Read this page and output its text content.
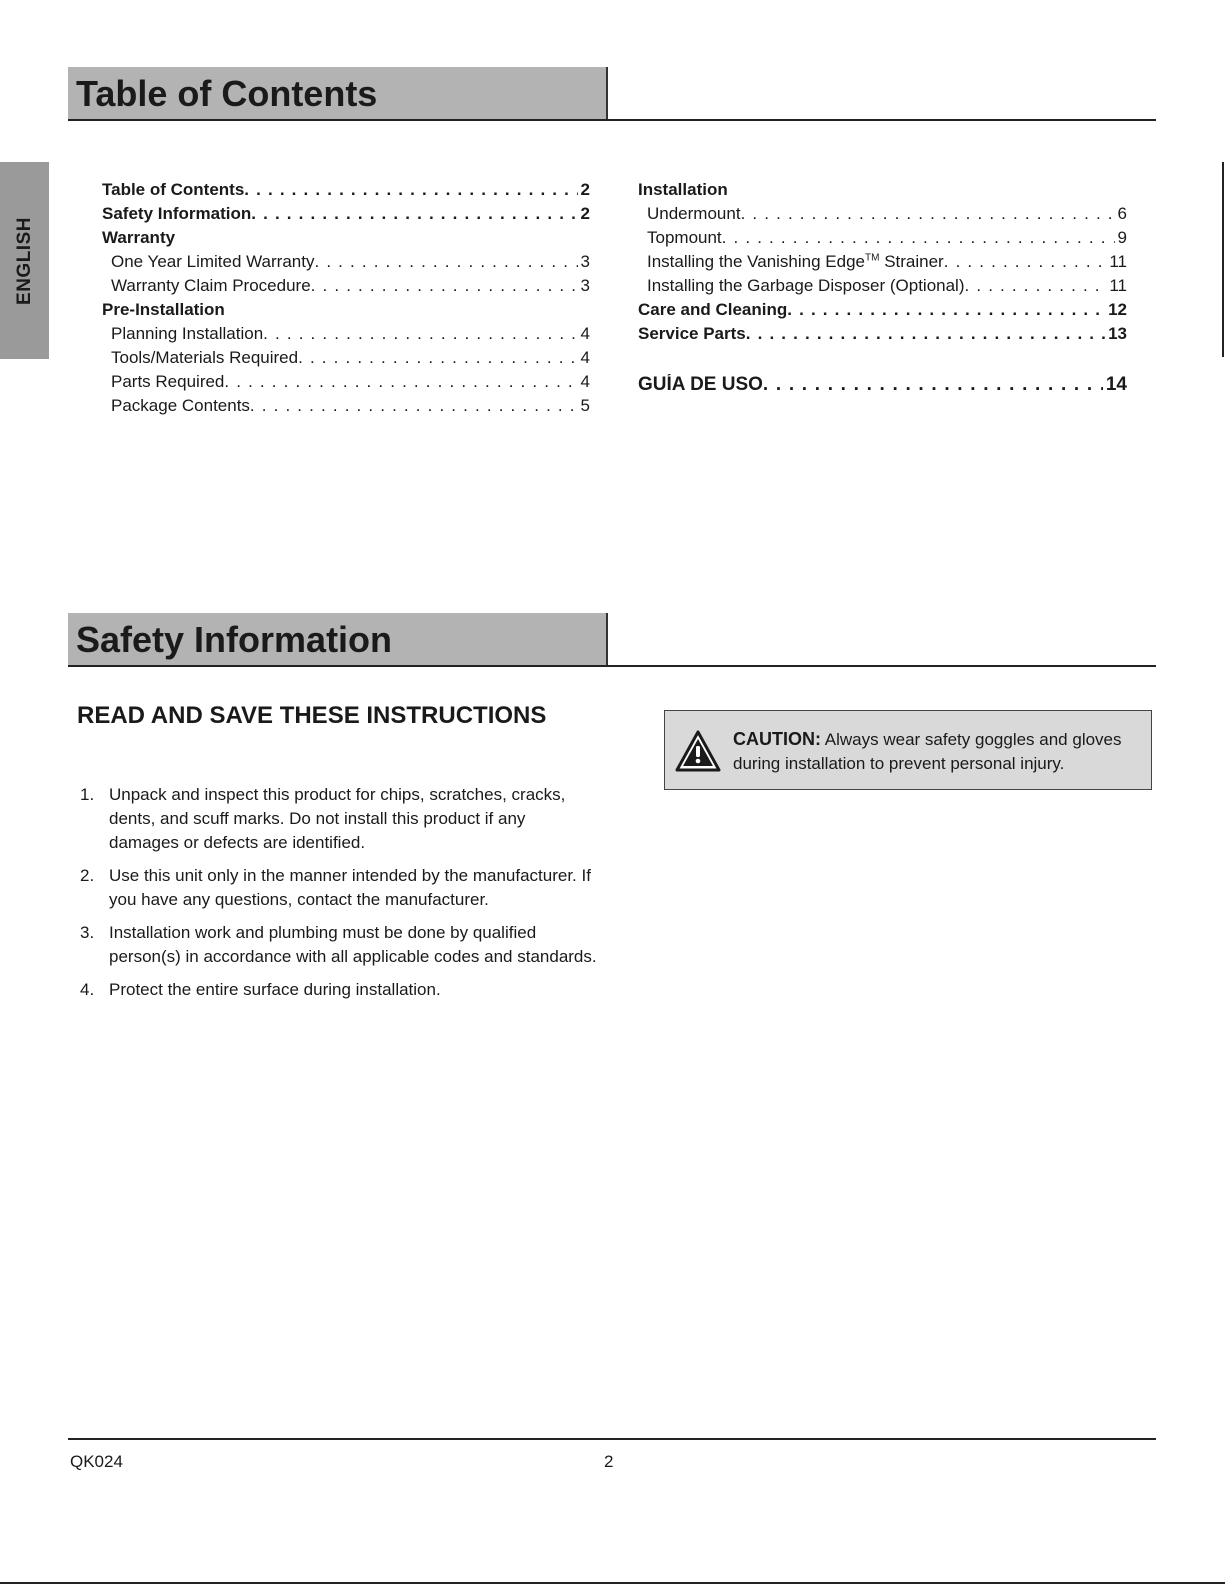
ENGLISH
Table of Contents
Table of Contents . . .	2
Safety Information . . .	2
Warranty
One Year Limited Warranty . . .	3
Warranty Claim Procedure . . .	3
Pre-Installation
Planning Installation . . .	4
Tools/Materials Required . . .	4
Parts Required . . .	4
Package Contents . . .	5
Installation
Undermount . . .	6
Topmount . . .	9
Installing the Vanishing Edge™ Strainer . . .	11
Installing the Garbage Disposer (Optional) . . .	11
Care and Cleaning . . .	12
Service Parts . . .	13
GUÍA DE USO . . .	14
Safety Information
READ AND SAVE THESE INSTRUCTIONS
1. Unpack and inspect this product for chips, scratches, cracks, dents, and scuff marks. Do not install this product if any damages or defects are identified.
2. Use this unit only in the manner intended by the manufacturer. If you have any questions, contact the manufacturer.
3. Installation work and plumbing must be done by qualified person(s) in accordance with all applicable codes and standards.
4. Protect the entire surface during installation.
CAUTION: Always wear safety goggles and gloves during installation to prevent personal injury.
QK024	2
